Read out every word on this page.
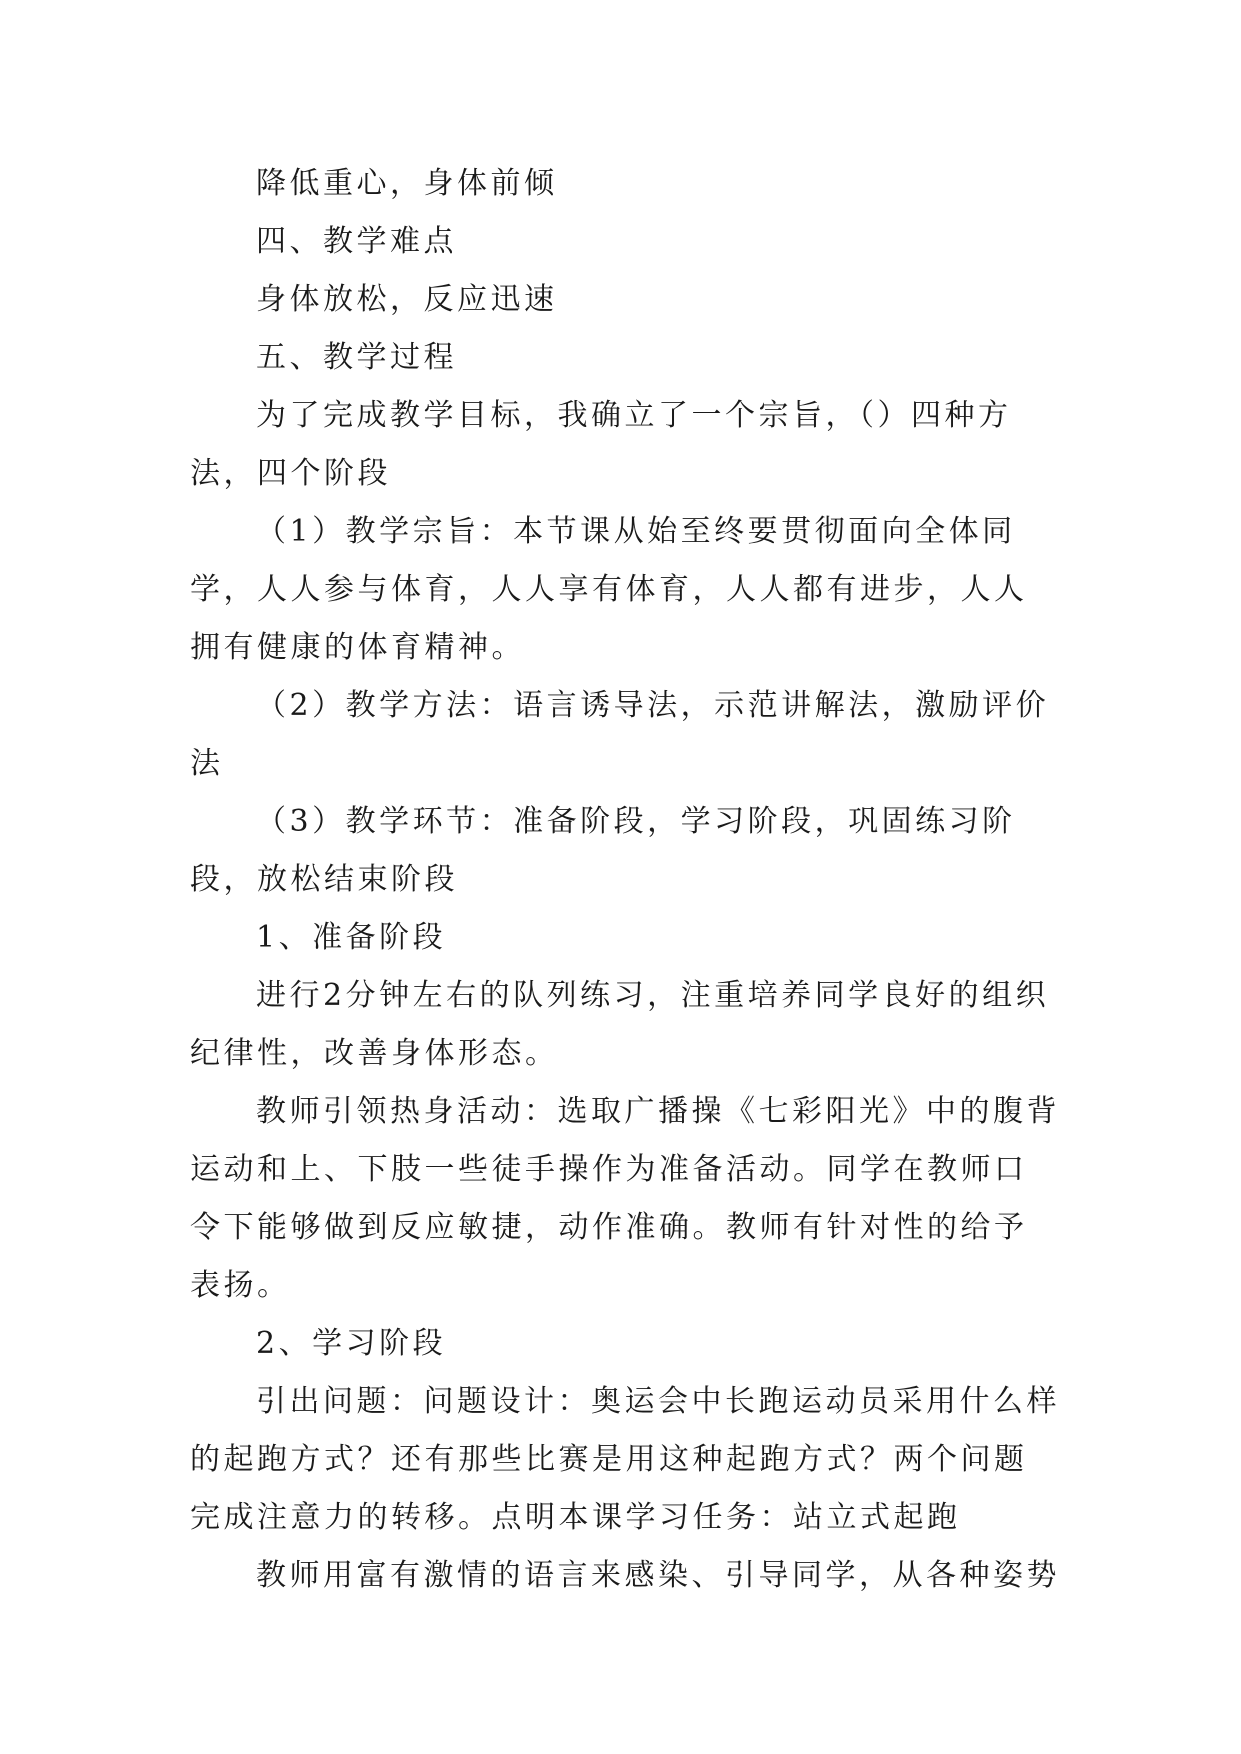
降低重心，身体前倾

四、教学难点

身体放松，反应迅速

五、教学过程

为了完成教学目标，我确立了一个宗旨，（）四种方法，四个阶段

（1）教学宗旨：本节课从始至终要贯彻面向全体同学，人人参与体育，人人享有体育，人人都有进步，人人拥有健康的体育精神。

（2）教学方法：语言诱导法，示范讲解法，激励评价法

（3）教学环节：准备阶段，学习阶段，巩固练习阶段，放松结束阶段

1、准备阶段

进行2分钟左右的队列练习，注重培养同学良好的组织纪律性，改善身体形态。

教师引领热身活动：选取广播操《七彩阳光》中的腹背运动和上、下肢一些徒手操作为准备活动。同学在教师口令下能够做到反应敏捷，动作准确。教师有针对性的给予表扬。

2、学习阶段

引出问题：问题设计：奥运会中长跑运动员采用什么样的起跑方式？还有那些比赛是用这种起跑方式？两个问题完成注意力的转移。点明本课学习任务：站立式起跑

教师用富有激情的语言来感染、引导同学，从各种姿势
